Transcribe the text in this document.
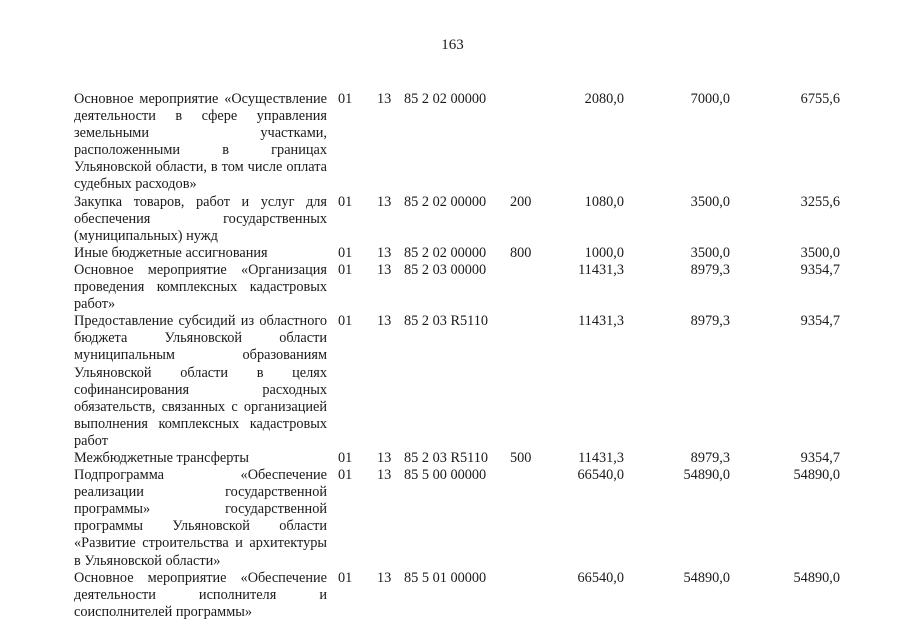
163
Основное мероприятие «Осуществление деятельности в сфере управления земельными участками, расположенными в границах Ульяновской области, в том числе оплата судебных расходов»	01	13	85 2 02 00000		2080,0	7000,0	6755,6
Закупка товаров, работ и услуг для обеспечения государственных (муниципальных) нужд	01	13	85 2 02 00000	200	1080,0	3500,0	3255,6
Иные бюджетные ассигнования	01	13	85 2 02 00000	800	1000,0	3500,0	3500,0
Основное мероприятие «Организация проведения комплексных кадастровых работ»	01	13	85 2 03 00000		11431,3	8979,3	9354,7
Предоставление субсидий из областного бюджета Ульяновской области муниципальным образованиям Ульяновской области в целях софинансирования расходных обязательств, связанных с организацией выполнения комплексных кадастровых работ	01	13	85 2 03 R5110		11431,3	8979,3	9354,7
Межбюджетные трансферты	01	13	85 2 03 R5110	500	11431,3	8979,3	9354,7
Подпрограмма «Обеспечение реализации государственной программы» государственной программы Ульяновской области «Развитие строительства и архитектуры в Ульяновской области»	01	13	85 5 00 00000		66540,0	54890,0	54890,0
Основное мероприятие «Обеспечение деятельности исполнителя и соисполнителей программы»	01	13	85 5 01 00000		66540,0	54890,0	54890,0
